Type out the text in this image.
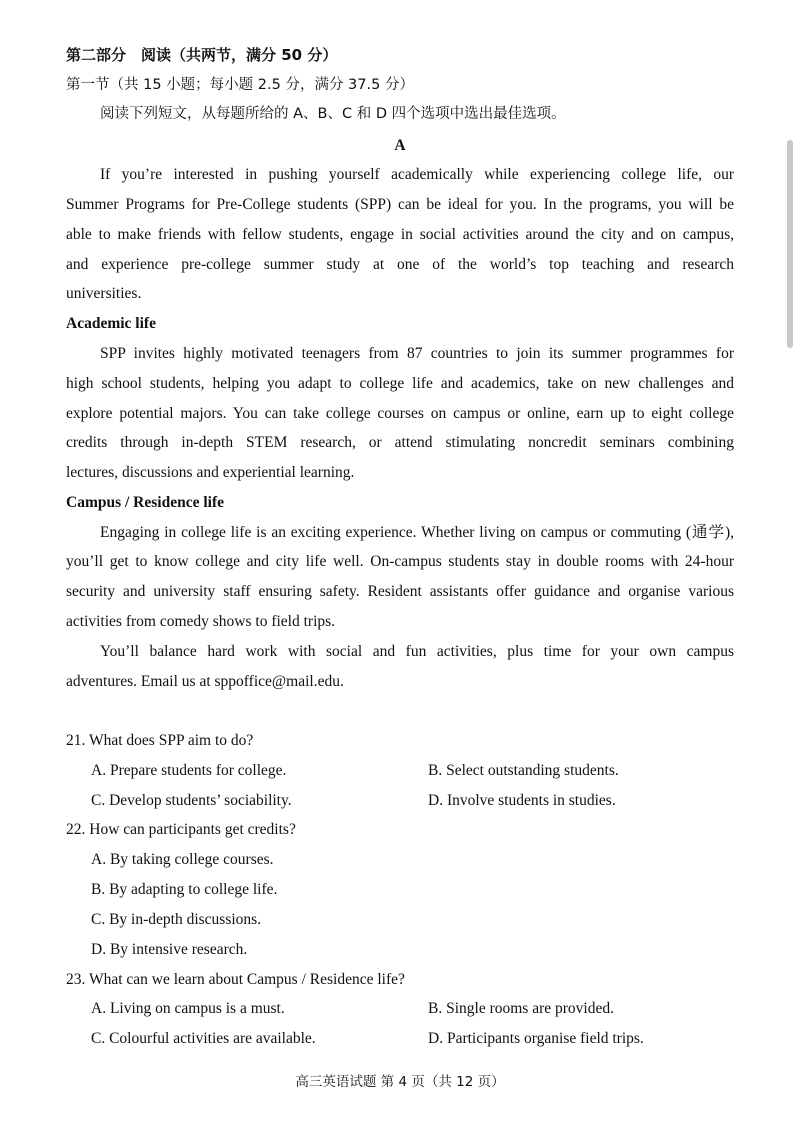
第二部分　阅读（共两节，满分 50 分）
第一节（共 15 小题；每小题 2.5 分，满分 37.5 分）
阅读下列短文，从每题所给的 A、B、C 和 D 四个选项中选出最佳选项。
A
If you’re interested in pushing yourself academically while experiencing college life, our
Summer Programs for Pre-College students (SPP) can be ideal for you. In the programs, you will be
able to make friends with fellow students, engage in social activities around the city and on campus,
and experience pre-college summer study at one of the world’s top teaching and research
universities.
Academic life
SPP invites highly motivated teenagers from 87 countries to join its summer programmes for
high school students, helping you adapt to college life and academics, take on new challenges and
explore potential majors. You can take college courses on campus or online, earn up to eight college
credits through in-depth STEM research, or attend stimulating noncredit seminars combining
lectures, discussions and experiential learning.
Campus / Residence life
Engaging in college life is an exciting experience. Whether living on campus or commuting (通学),
you’ll get to know college and city life well. On-campus students stay in double rooms with 24-hour
security and university staff ensuring safety. Resident assistants offer guidance and organise various
activities from comedy shows to field trips.
You’ll balance hard work with social and fun activities, plus time for your own campus
adventures. Email us at sppoffice@mail.edu.
21. What does SPP aim to do?
A. Prepare students for college.	B. Select outstanding students.
C. Develop students’ sociability.	D. Involve students in studies.
22. How can participants get credits?
A. By taking college courses.
B. By adapting to college life.
C. By in-depth discussions.
D. By intensive research.
23. What can we learn about Campus / Residence life?
A. Living on campus is a must.	B. Single rooms are provided.
C. Colourful activities are available.	D. Participants organise field trips.
高三英语试题 第 4 页（共 12 页）
